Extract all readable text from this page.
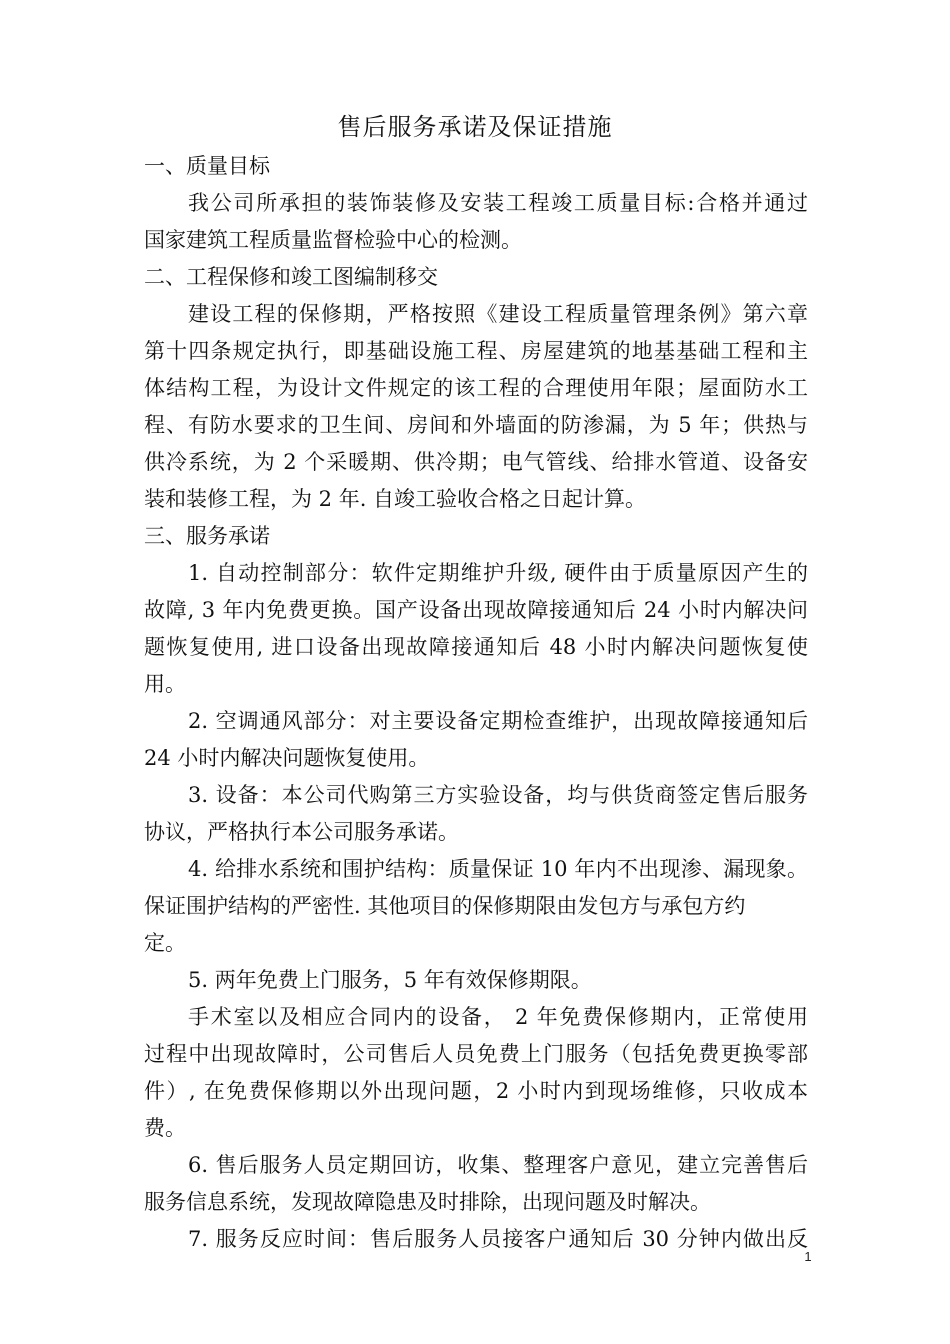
售后服务承诺及保证措施
一、质量目标
我公司所承担的装饰装修及安装工程竣工质量目标:合格并通过
国家建筑工程质量监督检验中心的检测。
二、工程保修和竣工图编制移交
建设工程的保修期，严格按照《建设工程质量管理条例》第六章
第十四条规定执行，即基础设施工程、房屋建筑的地基基础工程和主
体结构工程，为设计文件规定的该工程的合理使用年限；屋面防水工
程、有防水要求的卫生间、房间和外墙面的防渗漏，为 5 年；供热与
供冷系统，为 2 个采暖期、供冷期；电气管线、给排水管道、设备安
装和装修工程，为 2 年. 自竣工验收合格之日起计算。
三、服务承诺
1. 自动控制部分：软件定期维护升级, 硬件由于质量原因产生的
故障, 3 年内免费更换。国产设备出现故障接通知后 24 小时内解决问
题恢复使用, 进口设备出现故障接通知后 48 小时内解决问题恢复使
用。
2. 空调通风部分：对主要设备定期检查维护，出现故障接通知后
24 小时内解决问题恢复使用。
3. 设备：本公司代购第三方实验设备，均与供货商签定售后服务
协议，严格执行本公司服务承诺。
4. 给排水系统和围护结构：质量保证 10 年内不出现渗、漏现象。
保证围护结构的严密性. 其他项目的保修期限由发包方与承包方约
定。
5. 两年免费上门服务，5 年有效保修期限。
手术室以及相应合同内的设备， 2 年免费保修期内，正常使用
过程中出现故障时，公司售后人员免费上门服务（包括免费更换零部
件）, 在免费保修期以外出现问题，2 小时内到现场维修，只收成本
费。
6. 售后服务人员定期回访，收集、整理客户意见，建立完善售后
服务信息系统，发现故障隐患及时排除，出现问题及时解决。
7. 服务反应时间：售后服务人员接客户通知后 30 分钟内做出反
1
